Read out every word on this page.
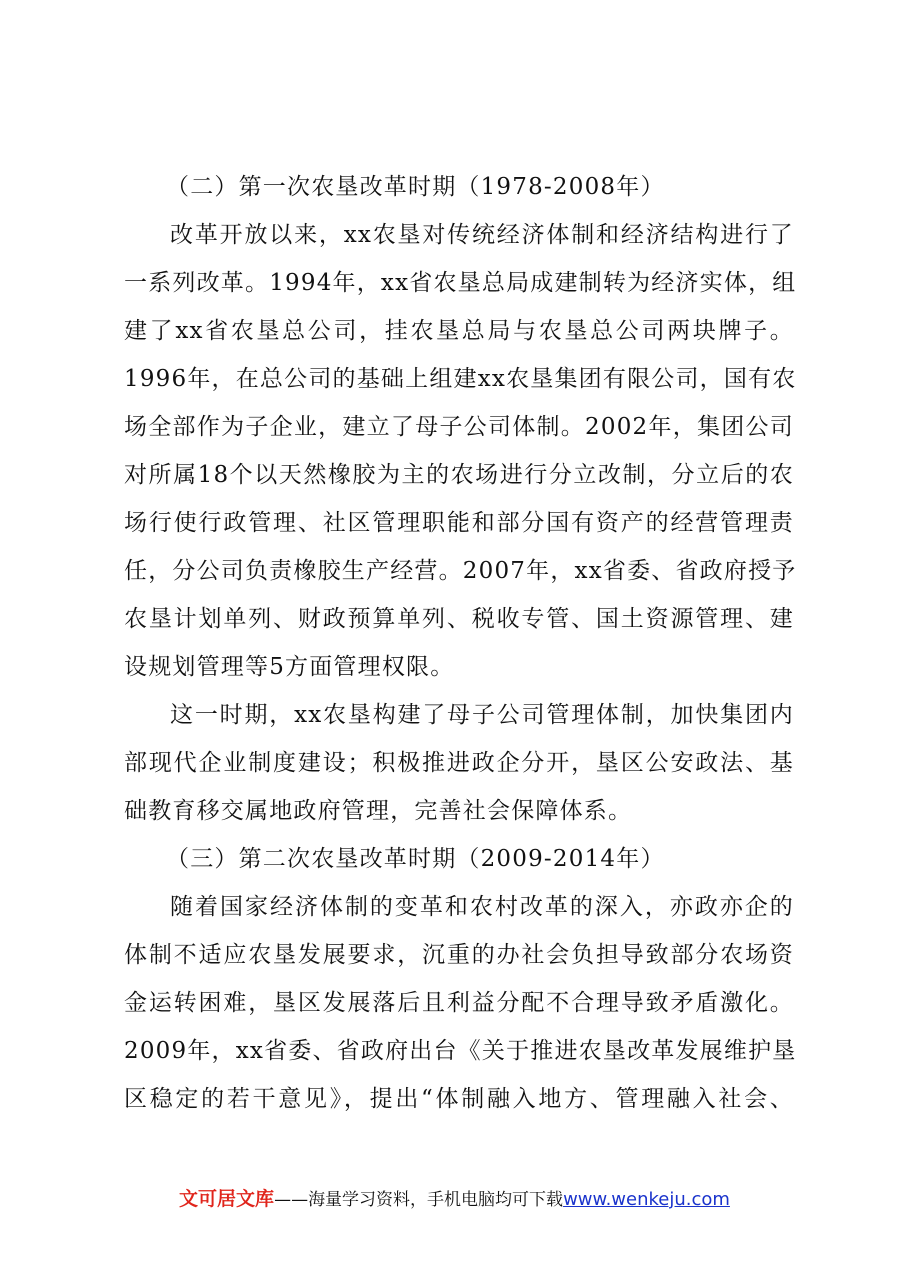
（二）第一次农垦改革时期（1978-2008年）
改革开放以来，xx农垦对传统经济体制和经济结构进行了
一系列改革。1994年，xx省农垦总局成建制转为经济实体，组
建了xx省农垦总公司，挂农垦总局与农垦总公司两块牌子。
1996年，在总公司的基础上组建xx农垦集团有限公司，国有农
场全部作为子企业，建立了母子公司体制。2002年，集团公司
对所属18个以天然橡胶为主的农场进行分立改制，分立后的农
场行使行政管理、社区管理职能和部分国有资产的经营管理责
任，分公司负责橡胶生产经营。2007年，xx省委、省政府授予
农垦计划单列、财政预算单列、税收专管、国土资源管理、建
设规划管理等5方面管理权限。
这一时期，xx农垦构建了母子公司管理体制，加快集团内
部现代企业制度建设；积极推进政企分开，垦区公安政法、基
础教育移交属地政府管理，完善社会保障体系。
（三）第二次农垦改革时期（2009-2014年）
随着国家经济体制的变革和农村改革的深入，亦政亦企的
体制不适应农垦发展要求，沉重的办社会负担导致部分农场资
金运转困难，垦区发展落后且利益分配不合理导致矛盾激化。
2009年，xx省委、省政府出台《关于推进农垦改革发展维护垦
区稳定的若干意见》，提出“体制融入地方、管理融入社会、
文可居文库——海量学习资料，手机电脑均可下载www.wenkeju.com
